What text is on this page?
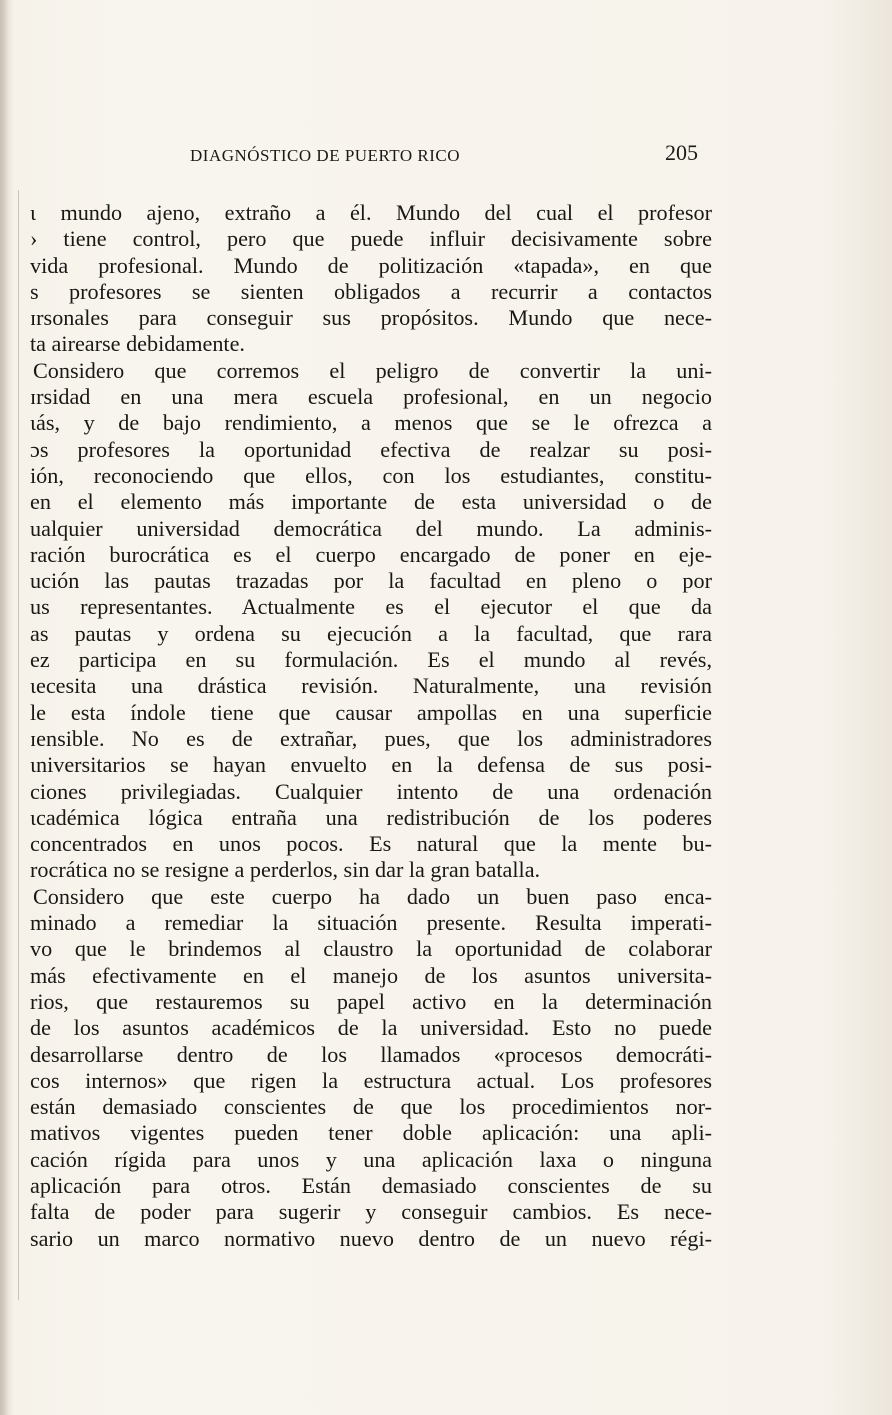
DIAGNÓSTICO DE PUERTO RICO	205
ι mundo ajeno, extraño a él. Mundo del cual el profesor
› tiene control, pero que puede influir decisivamente sobre
vida profesional. Mundo de politización «tapada», en que
s profesores se sienten obligados a recurrir a contactos
ɪrsonales para conseguir sus propósitos. Mundo que nece-
ta airearse debidamente.
Considero que corremos el peligro de convertir la uni-
ɪrsidad en una mera escuela profesional, en un negocio
ιás, y de bajo rendimiento, a menos que se le ofrezca a
ɔs profesores la oportunidad efectiva de realzar su posi-
ión, reconociendo que ellos, con los estudiantes, constitu-
en el elemento más importante de esta universidad o de
ualquier universidad democrática del mundo. La adminis-
ración burocrática es el cuerpo encargado de poner en eje-
ución las pautas trazadas por la facultad en pleno o por
us representantes. Actualmente es el ejecutor el que da
as pautas y ordena su ejecución a la facultad, que rara
ez participa en su formulación. Es el mundo al revés,
ιecesita una drástica revisión. Naturalmente, una revisión
le esta índole tiene que causar ampollas en una superficie
ɪensible. No es de extrañar, pues, que los administradores
ιniversitarios se hayan envuelto en la defensa de sus posi-
ciones privilegiadas. Cualquier intento de una ordenación
ιcadémica lógica entraña una redistribución de los poderes
concentrados en unos pocos. Es natural que la mente bu-
rocrática no se resigne a perderlos, sin dar la gran batalla.
Considero que este cuerpo ha dado un buen paso enca-
minado a remediar la situación presente. Resulta imperati-
vo que le brindemos al claustro la oportunidad de colaborar
más efectivamente en el manejo de los asuntos universita-
rios, que restauremos su papel activo en la determinación
de los asuntos académicos de la universidad. Esto no puede
desarrollarse dentro de los llamados «procesos democráti-
cos internos» que rigen la estructura actual. Los profesores
están demasiado conscientes de que los procedimientos nor-
mativos vigentes pueden tener doble aplicación: una apli-
cación rígida para unos y una aplicación laxa o ninguna
aplicación para otros. Están demasiado conscientes de su
falta de poder para sugerir y conseguir cambios. Es nece-
sario un marco normativo nuevo dentro de un nuevo régi-
